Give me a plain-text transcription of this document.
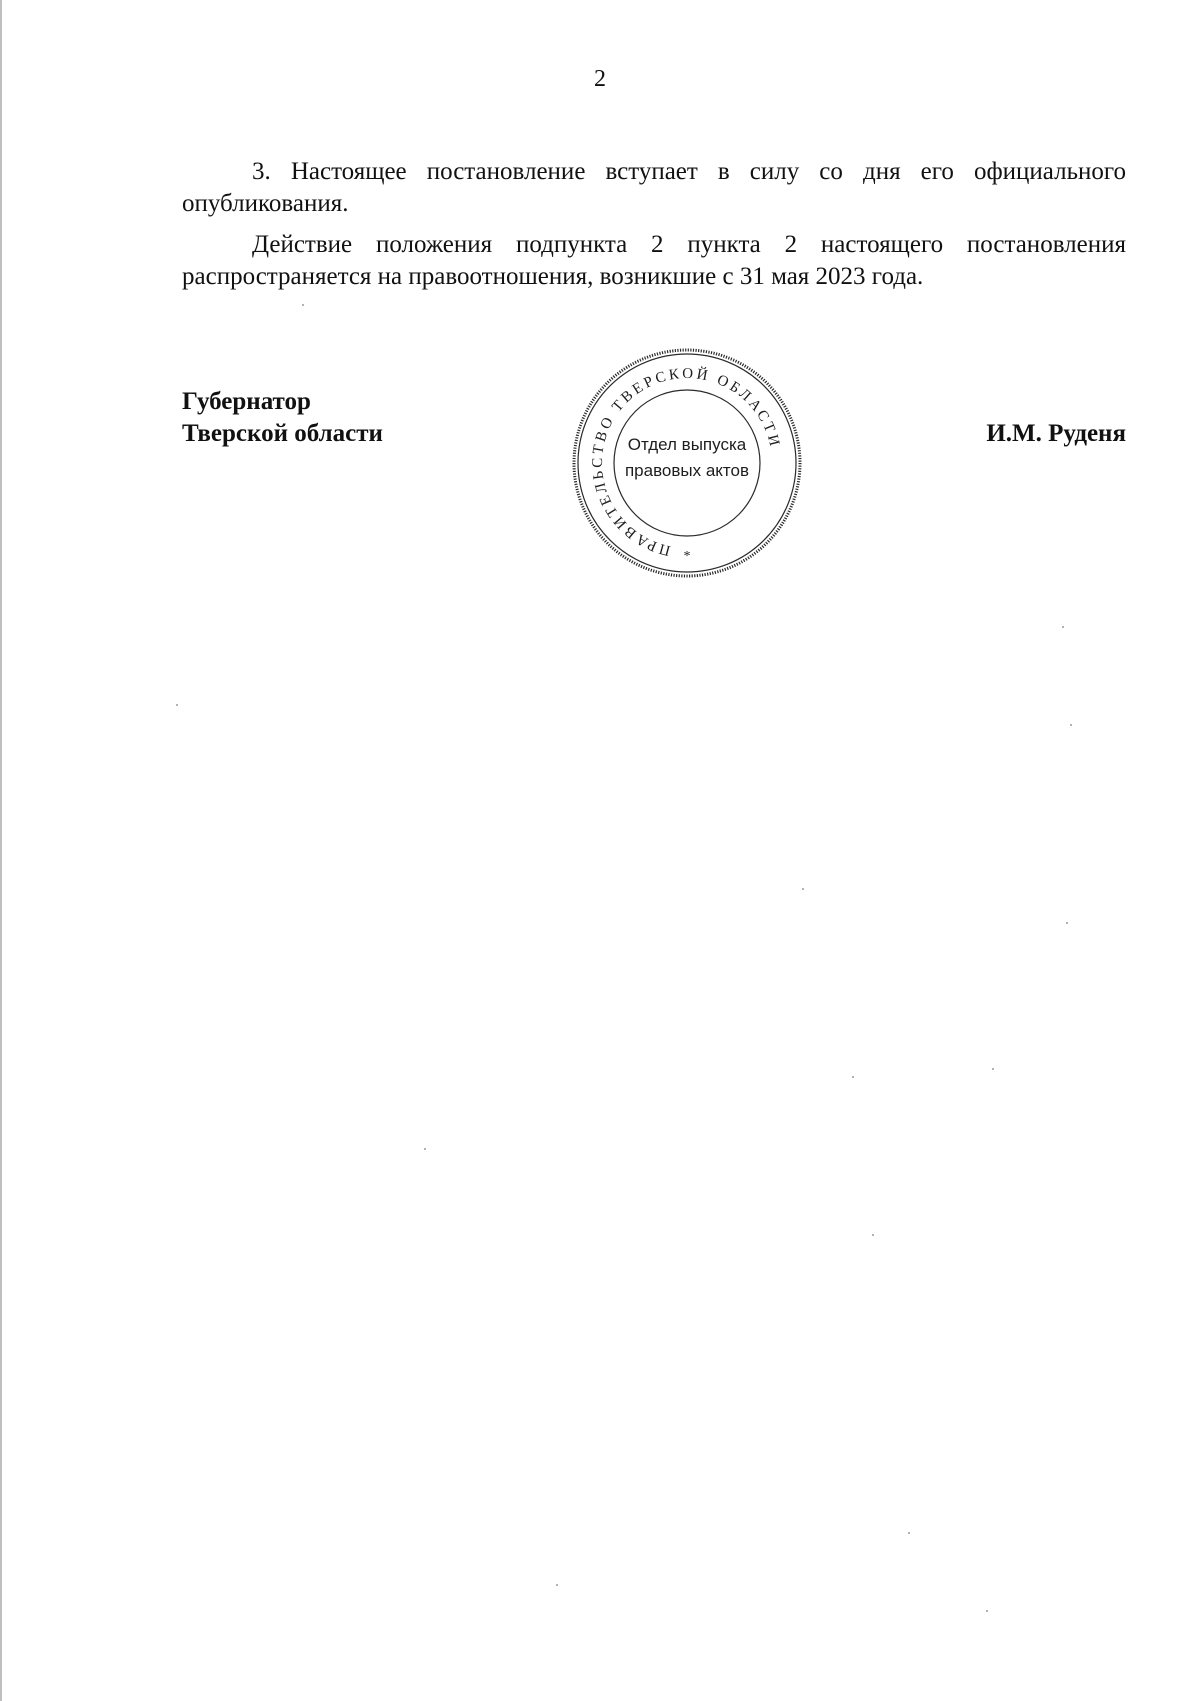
2

3. Настоящее постановление вступает в силу со дня его официального опубликования.

Действие положения подпункта 2 пункта 2 настоящего постановления распространяется на правоотношения, возникшие с 31 мая 2023 года.

Губернатор
Тверской области	И.М. Руденя
ПРАВИТЕЛЬСТВО ТВЕРСКОЙ ОБЛАСТИ
Отдел выпуска
правовых актов
*
